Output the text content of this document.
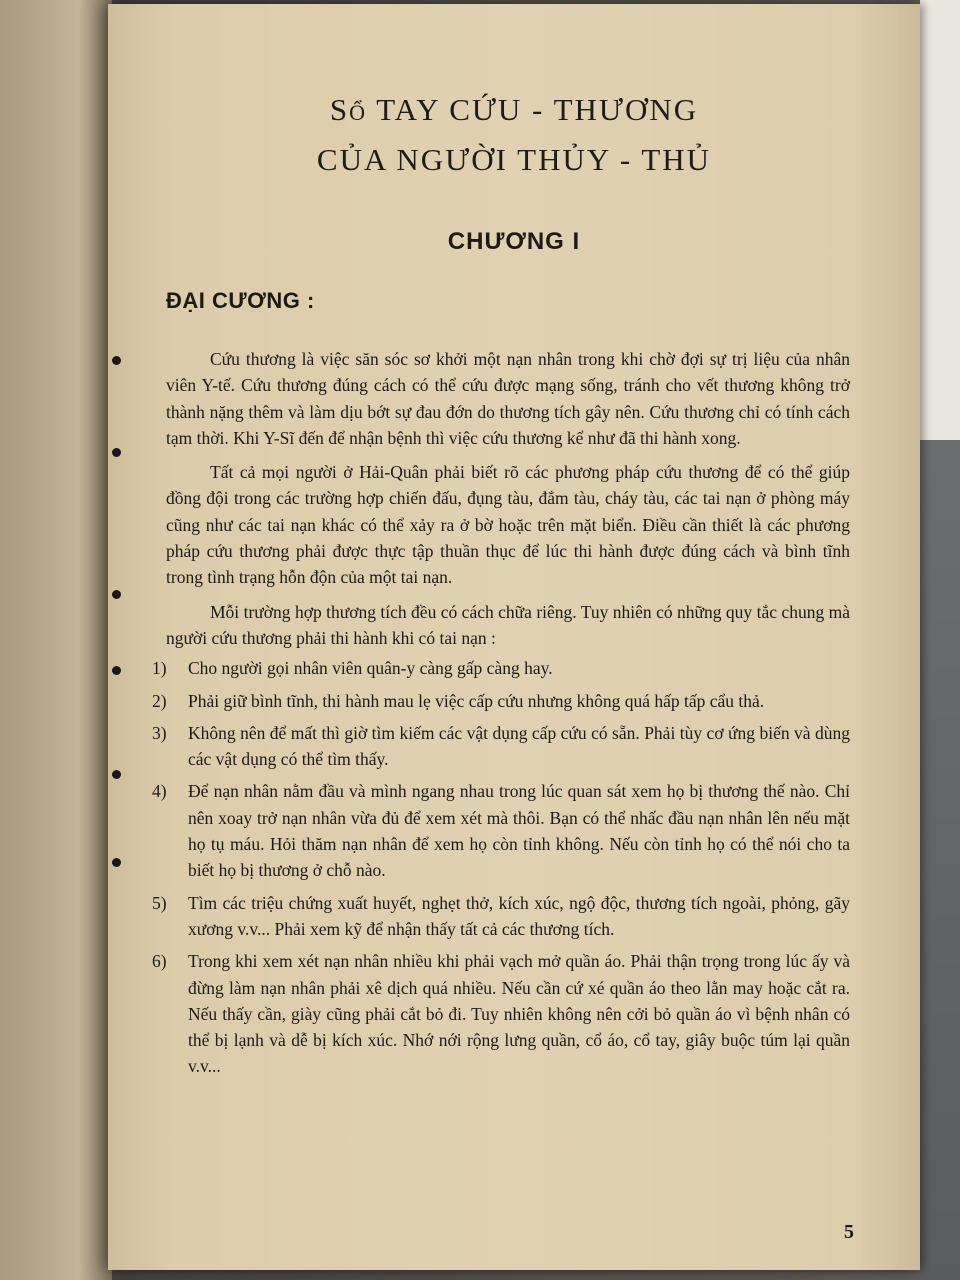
Sổ TAY CỨU - THƯƠNG
CỦA NGƯỜI THỦY - THỦ
CHƯƠNG I
ĐẠI CƯƠNG :

Cứu thương là việc săn sóc sơ khởi một nạn nhân trong khi chờ đợi sự trị liệu của nhân viên Y-tế. Cứu thương đúng cách có thể cứu được mạng sống, tránh cho vết thương không trở thành nặng thêm và làm dịu bớt sự đau đớn do thương tích gây nên. Cứu thương chỉ có tính cách tạm thời. Khi Y-Sĩ đến để nhận bệnh thì việc cứu thương kể như đã thi hành xong.

Tất cả mọi người ở Hải-Quân phải biết rõ các phương pháp cứu thương để có thể giúp đồng đội trong các trường hợp chiến đấu, đụng tàu, đắm tàu, cháy tàu, các tai nạn ở phòng máy cũng như các tai nạn khác có thể xảy ra ở bờ hoặc trên mặt biển. Điều cần thiết là các phương pháp cứu thương phải được thực tập thuần thục để lúc thi hành được đúng cách và bình tĩnh trong tình trạng hỗn độn của một tai nạn.

Mỗi trường hợp thương tích đều có cách chữa riêng. Tuy nhiên có những quy tắc chung mà người cứu thương phải thi hành khi có tai nạn :

1) Cho người gọi nhân viên quân-y càng gấp càng hay.
2) Phải giữ bình tĩnh, thi hành mau lẹ việc cấp cứu nhưng không quá hấp tấp cẩu thả.
3) Không nên để mất thì giờ tìm kiếm các vật dụng cấp cứu có sẵn. Phải tùy cơ ứng biến và dùng các vật dụng có thể tìm thấy.
4) Để nạn nhân nằm đầu và mình ngang nhau trong lúc quan sát xem họ bị thương thế nào. Chỉ nên xoay trở nạn nhân vừa đủ để xem xét mà thôi. Bạn có thể nhấc đầu nạn nhân lên nếu mặt họ tụ máu. Hỏi thăm nạn nhân để xem họ còn tỉnh không. Nếu còn tỉnh họ có thể nói cho ta biết họ bị thương ở chỗ nào.
5) Tìm các triệu chứng xuất huyết, nghẹt thở, kích xúc, ngộ độc, thương tích ngoài, phỏng, gãy xương v.v... Phải xem kỹ để nhận thấy tất cả các thương tích.
6) Trong khi xem xét nạn nhân nhiều khi phải vạch mở quần áo. Phải thận trọng trong lúc ấy và đừng làm nạn nhân phải xê dịch quá nhiều. Nếu cần cứ xé quần áo theo lằn may hoặc cắt ra. Nếu thấy cần, giày cũng phải cắt bỏ đi. Tuy nhiên không nên cởi bỏ quần áo vì bệnh nhân có thể bị lạnh và dễ bị kích xúc. Nhớ nới rộng lưng quần, cổ áo, cổ tay, giây buộc túm lại quần v.v...
5
